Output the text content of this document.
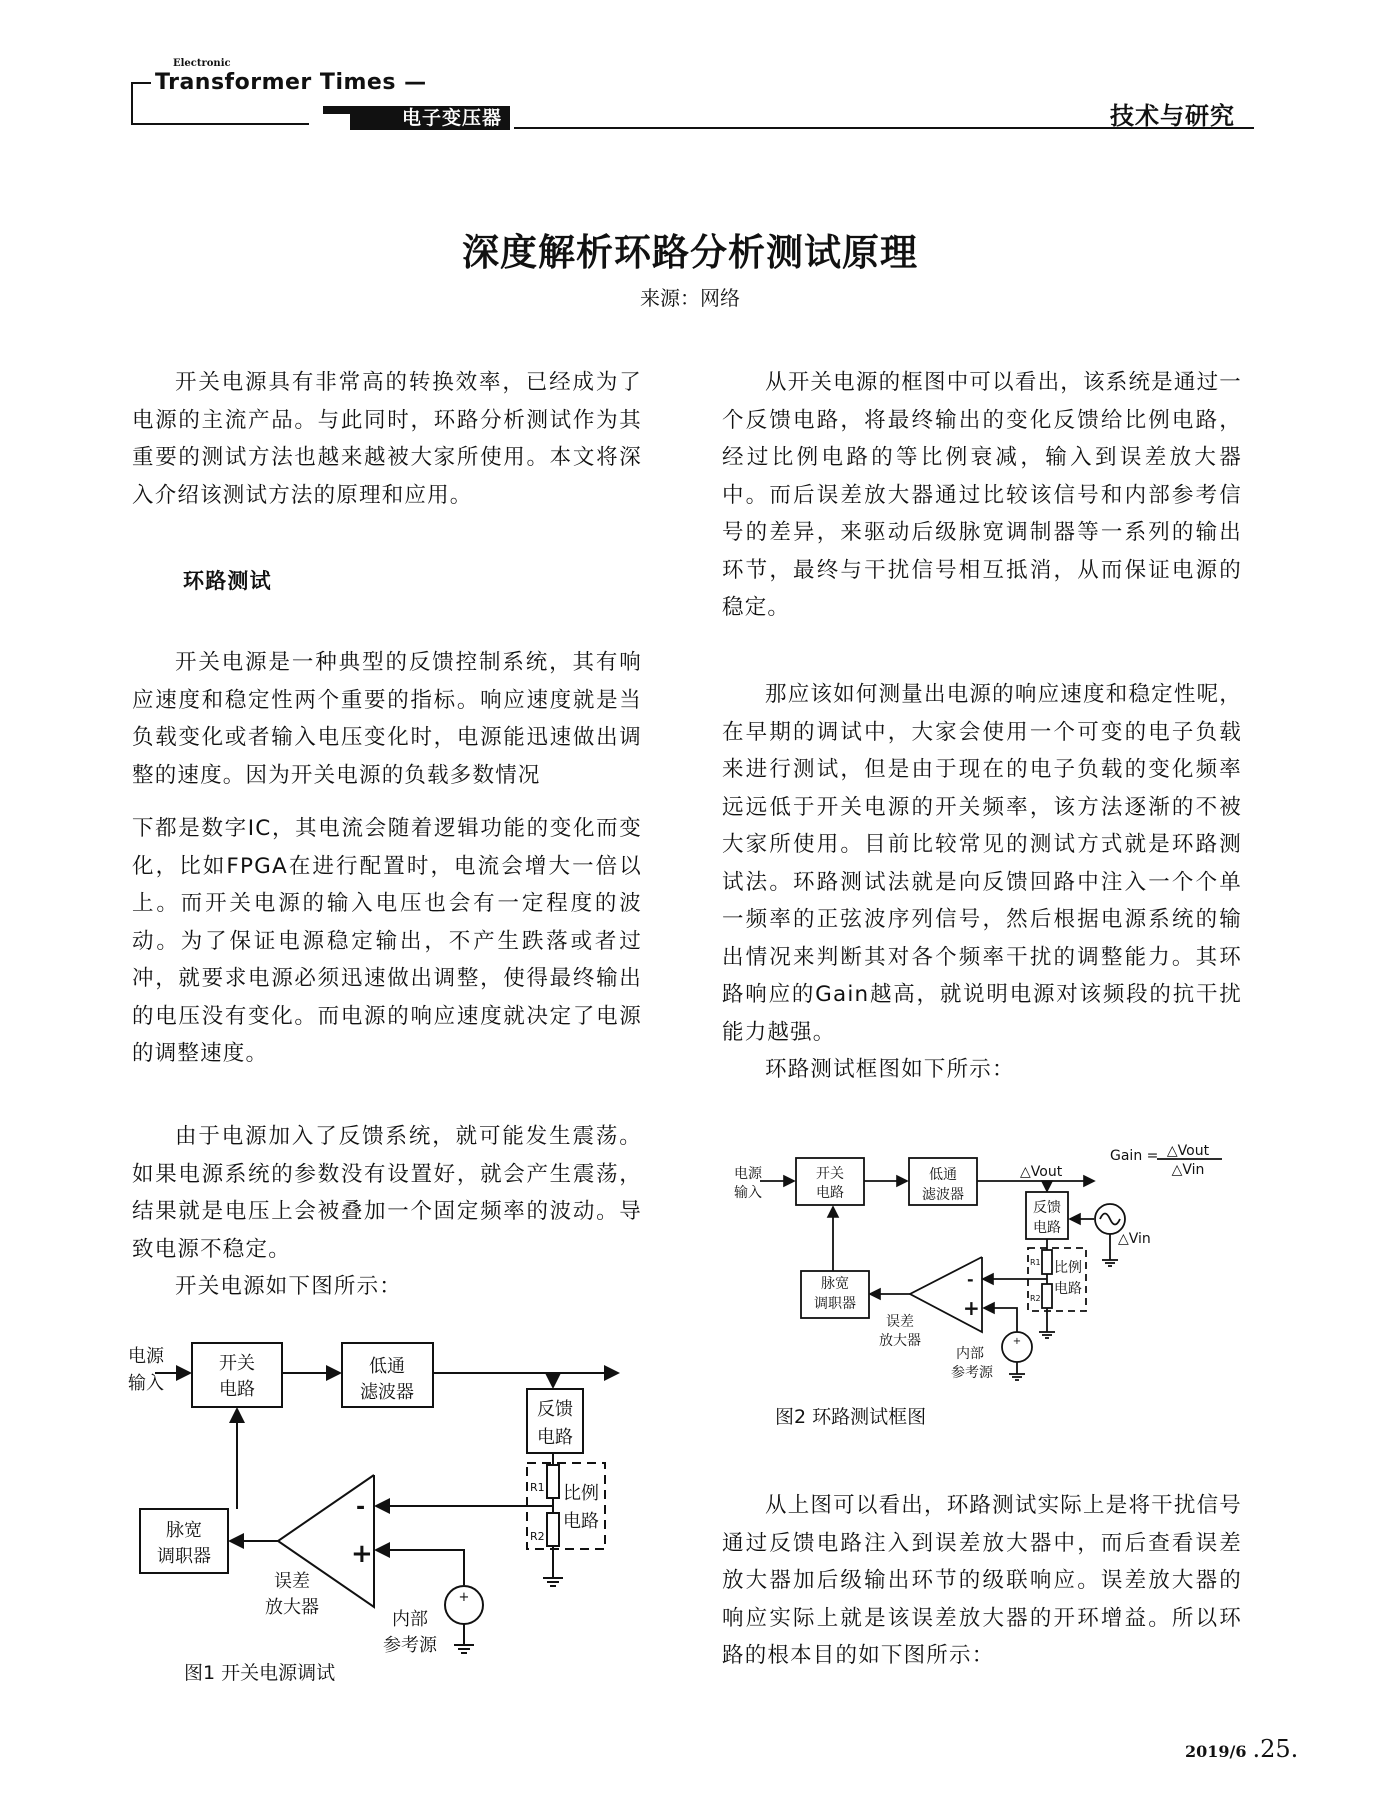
Electronic
Transformer Times —
电子变压器专辑
技术与研究
深度解析环路分析测试原理
来源：网络

开关电源具有非常高的转换效率，已经成为了电源的主流产品。与此同时，环路分析测试作为其重要的测试方法也越来越被大家所使用。本文将深入介绍该测试方法的原理和应用。

环路测试

开关电源是一种典型的反馈控制系统，其有响应速度和稳定性两个重要的指标。响应速度就是当负载变化或者输入电压变化时，电源能迅速做出调整的速度。因为开关电源的负载多数情况

下都是数字IC，其电流会随着逻辑功能的变化而变化，比如FPGA在进行配置时，电流会增大一倍以上。而开关电源的输入电压也会有一定程度的波动。为了保证电源稳定输出，不产生跌落或者过冲，就要求电源必须迅速做出调整，使得最终输出的电压没有变化。而电源的响应速度就决定了电源的调整速度。

由于电源加入了反馈系统，就可能发生震荡。如果电源系统的参数没有设置好，就会产生震荡，结果就是电压上会被叠加一个固定频率的波动。导致电源不稳定。

开关电源如下图所示：

电源
输入
开关
电路
低通
滤波器
反馈
电路
R1
R2
比例
电路
-
+
脉宽
调职器
误差
放大器
内部
参考源
+
图1 开关电源调试

从开关电源的框图中可以看出，该系统是通过一个反馈电路，将最终输出的变化反馈给比例电路，经过比例电路的等比例衰减，输入到误差放大器中。而后误差放大器通过比较该信号和内部参考信号的差异，来驱动后级脉宽调制器等一系列的输出环节，最终与干扰信号相互抵消，从而保证电源的稳定。

那应该如何测量出电源的响应速度和稳定性呢，在早期的调试中，大家会使用一个可变的电子负载来进行测试，但是由于现在的电子负载的变化频率远远低于开关电源的开关频率，该方法逐渐的不被大家所使用。目前比较常见的测试方式就是环路测试法。环路测试法就是向反馈回路中注入一个个单一频率的正弦波序列信号，然后根据电源系统的输出情况来判断其对各个频率干扰的调整能力。其环路响应的Gain越高，就说明电源对该频段的抗干扰能力越强。

环路测试框图如下所示：

电源
输入
开关
电路
低通
滤波器
反馈
电路
△Vout
△Vin
Gain = △Vout
△Vin
R1
R2
比例
电路
-
+
脉宽
调职器
误差
放大器
内部
参考源
+
图2 环路测试框图

从上图可以看出，环路测试实际上是将干扰信号通过反馈电路注入到误差放大器中，而后查看误差放大器加后级输出环节的级联响应。误差放大器的响应实际上就是该误差放大器的开环增益。所以环路的根本目的如下图所示：

2019/6 .25.
